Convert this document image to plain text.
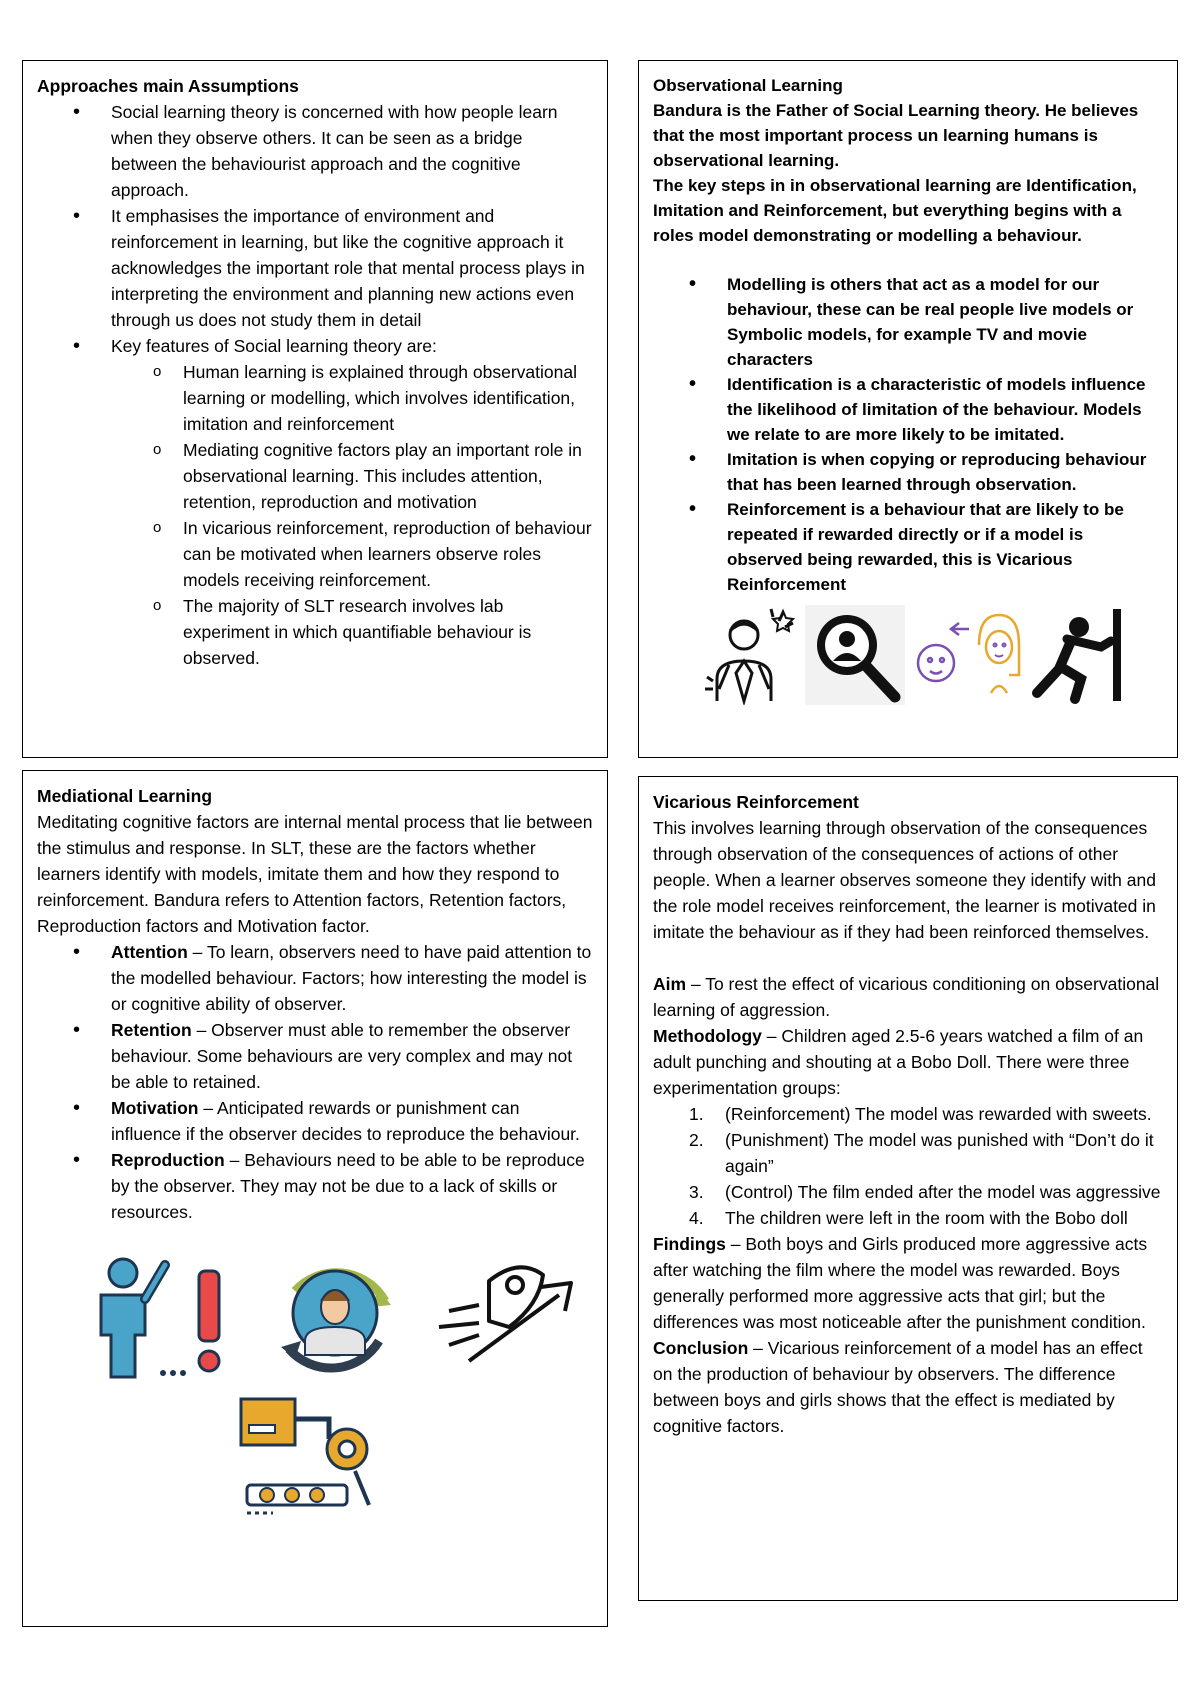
Approaches main Assumptions
• Social learning theory is concerned with how people learn when they observe others. It can be seen as a bridge between the behaviourist approach and the cognitive approach.
• It emphasises the importance of environment and reinforcement in learning, but like the cognitive approach it acknowledges the important role that mental process plays in interpreting the environment and planning new actions even through us does not study them in detail
• Key features of Social learning theory are:
o Human learning is explained through observational learning or modelling, which involves identification, imitation and reinforcement
o Mediating cognitive factors play an important role in observational learning. This includes attention, retention, reproduction and motivation
o In vicarious reinforcement, reproduction of behaviour can be motivated when learners observe roles models receiving reinforcement.
o The majority of SLT research involves lab experiment in which quantifiable behaviour is observed.
Observational Learning
Bandura is the Father of Social Learning theory. He believes that the most important process un learning humans is observational learning.
The key steps in in observational learning are Identification, Imitation and Reinforcement, but everything begins with a roles model demonstrating or modelling a behaviour.
• Modelling is others that act as a model for our behaviour, these can be real people live models or Symbolic models, for example TV and movie characters
• Identification is a characteristic of models influence the likelihood of limitation of the behaviour. Models we relate to are more likely to be imitated.
• Imitation is when copying or reproducing behaviour that has been learned through observation.
• Reinforcement is a behaviour that are likely to be repeated if rewarded directly or if a model is observed being rewarded, this is Vicarious Reinforcement
Mediational Learning
Meditating cognitive factors are internal mental process that lie between the stimulus and response. In SLT, these are the factors whether learners identify with models, imitate them and how they respond to reinforcement. Bandura refers to Attention factors, Retention factors, Reproduction factors and Motivation factor.
• Attention – To learn, observers need to have paid attention to the modelled behaviour. Factors; how interesting the model is or cognitive ability of observer.
• Retention – Observer must able to remember the observer behaviour. Some behaviours are very complex and may not be able to retained.
• Motivation – Anticipated rewards or punishment can influence if the observer decides to reproduce the behaviour.
• Reproduction – Behaviours need to be able to be reproduce by the observer. They may not be due to a lack of skills or resources.
Vicarious Reinforcement
This involves learning through observation of the consequences through observation of the consequences of actions of other people. When a learner observes someone they identify with and the role model receives reinforcement, the learner is motivated in imitate the behaviour as if they had been reinforced themselves.
Aim – To rest the effect of vicarious conditioning on observational learning of aggression.
Methodology – Children aged 2.5-6 years watched a film of an adult punching and shouting at a Bobo Doll. There were three experimentation groups:
1. (Reinforcement) The model was rewarded with sweets.
2. (Punishment) The model was punished with “Don’t do it again”
3. (Control) The film ended after the model was aggressive
4. The children were left in the room with the Bobo doll
Findings – Both boys and Girls produced more aggressive acts after watching the film where the model was rewarded. Boys generally performed more aggressive acts that girl; but the differences was most noticeable after the punishment condition.
Conclusion – Vicarious reinforcement of a model has an effect on the production of behaviour by observers. The difference between boys and girls shows that the effect is mediated by cognitive factors.
